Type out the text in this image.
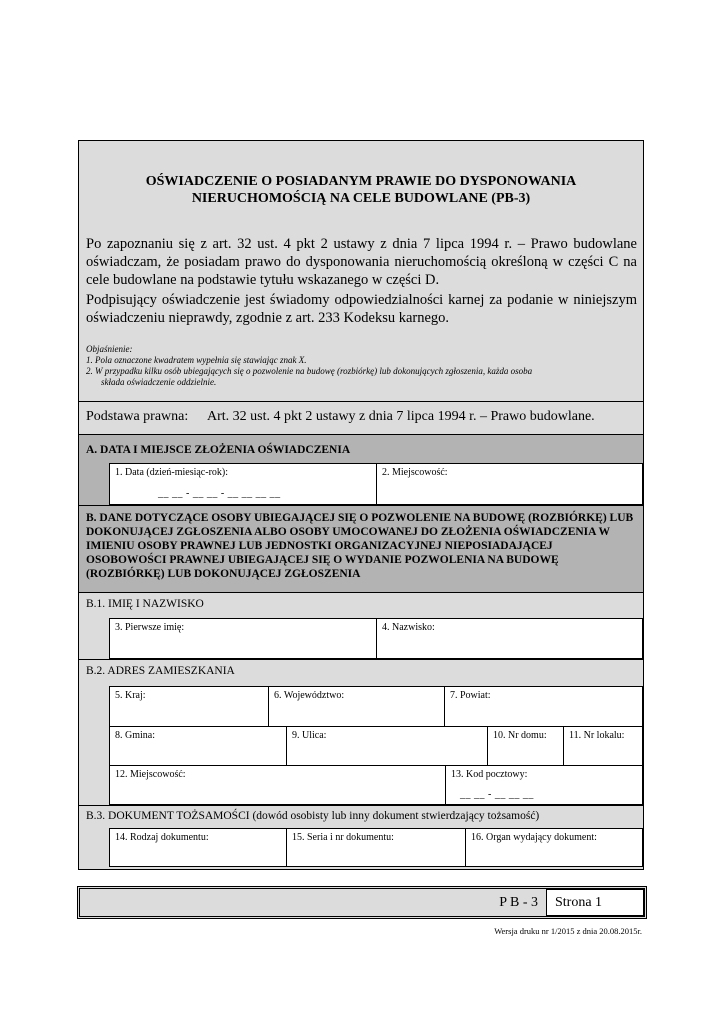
OŚWIADCZENIE O POSIADANYM PRAWIE DO DYSPONOWANIA
NIERUCHOMOŚCIĄ NA CELE BUDOWLANE (PB-3)
Po zapoznaniu się z art. 32 ust. 4 pkt 2 ustawy z dnia 7 lipca 1994 r. – Prawo budowlane oświadczam, że posiadam prawo do dysponowania nieruchomością określoną w części C na cele budowlane na podstawie tytułu wskazanego w części D.
Podpisujący oświadczenie jest świadomy odpowiedzialności karnej za podanie w niniejszym oświadczeniu nieprawdy, zgodnie z art. 233 Kodeksu karnego.
Objaśnienie:
1. Pola oznaczone kwadratem wypełnia się stawiając znak X.
2. W przypadku kilku osób ubiegających się o pozwolenie na budowę (rozbiórkę) lub dokonujących zgłoszenia, każda osoba
składa oświadczenie oddzielnie.
Podstawa prawna: Art. 32 ust. 4 pkt 2 ustawy z dnia 7 lipca 1994 r. – Prawo budowlane.
A. DATA I MIEJSCE ZŁOŻENIA OŚWIADCZENIA
1. Data (dzień-miesiąc-rok):
__ __ - __ __ - __ __ __ __
2. Miejscowość:
B. DANE DOTYCZĄCE OSOBY UBIEGAJĄCEJ SIĘ O POZWOLENIE NA BUDOWĘ (ROZBIÓRKĘ) LUB DOKONUJĄCEJ ZGŁOSZENIA ALBO OSOBY UMOCOWANEJ DO ZŁOŻENIA OŚWIADCZENIA W IMIENIU OSOBY PRAWNEJ LUB JEDNOSTKI ORGANIZACYJNEJ NIEPOSIADAJĄCEJ OSOBOWOŚCI PRAWNEJ UBIEGAJĄCEJ SIĘ O WYDANIE POZWOLENIA NA BUDOWĘ (ROZBIÓRKĘ) LUB DOKONUJĄCEJ ZGŁOSZENIA
B.1. IMIĘ I NAZWISKO
3. Pierwsze imię:	4. Nazwisko:
B.2. ADRES ZAMIESZKANIA
5. Kraj:	6. Województwo:	7. Powiat:
8. Gmina:	9. Ulica:	10. Nr domu:	11. Nr lokalu:
12. Miejscowość:	13. Kod pocztowy:
__ __ - __ __ __
B.3. DOKUMENT TOŻSAMOŚCI (dowód osobisty lub inny dokument stwierdzający tożsamość)
14. Rodzaj dokumentu:	15. Seria i nr dokumentu:	16. Organ wydający dokument:
P B - 3	Strona 1
Wersja druku nr 1/2015 z dnia 20.08.2015r.
